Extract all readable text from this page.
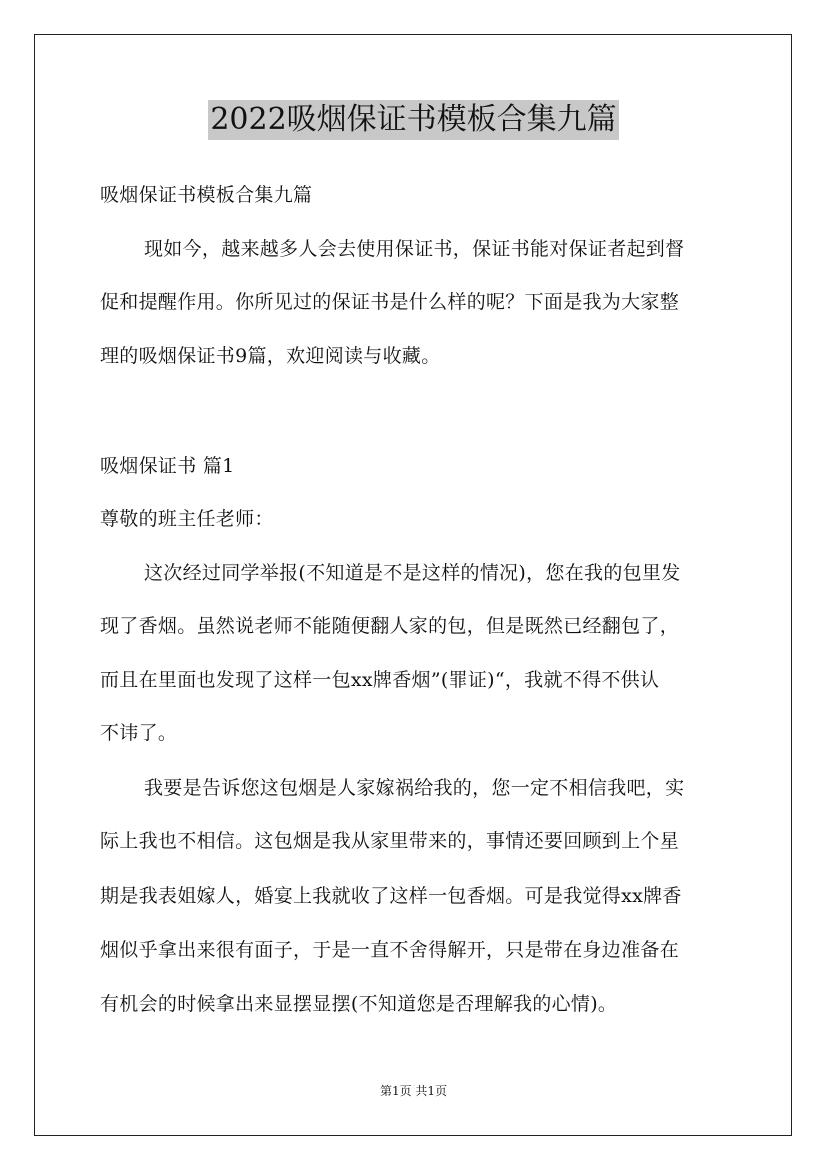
2022吸烟保证书模板合集九篇
吸烟保证书模板合集九篇
现如今，越来越多人会去使用保证书，保证书能对保证者起到督
促和提醒作用。你所见过的保证书是什么样的呢？下面是我为大家整
理的吸烟保证书9篇，欢迎阅读与收藏。
吸烟保证书 篇1
尊敬的班主任老师：
这次经过同学举报(不知道是不是这样的情况)，您在我的包里发
现了香烟。虽然说老师不能随便翻人家的包，但是既然已经翻包了，
而且在里面也发现了这样一包xx牌香烟”(罪证)“，我就不得不供认
不讳了。
我要是告诉您这包烟是人家嫁祸给我的，您一定不相信我吧，实
际上我也不相信。这包烟是我从家里带来的，事情还要回顾到上个星
期是我表姐嫁人，婚宴上我就收了这样一包香烟。可是我觉得xx牌香
烟似乎拿出来很有面子，于是一直不舍得解开，只是带在身边准备在
有机会的时候拿出来显摆显摆(不知道您是否理解我的心情)。
第1页 共1页
